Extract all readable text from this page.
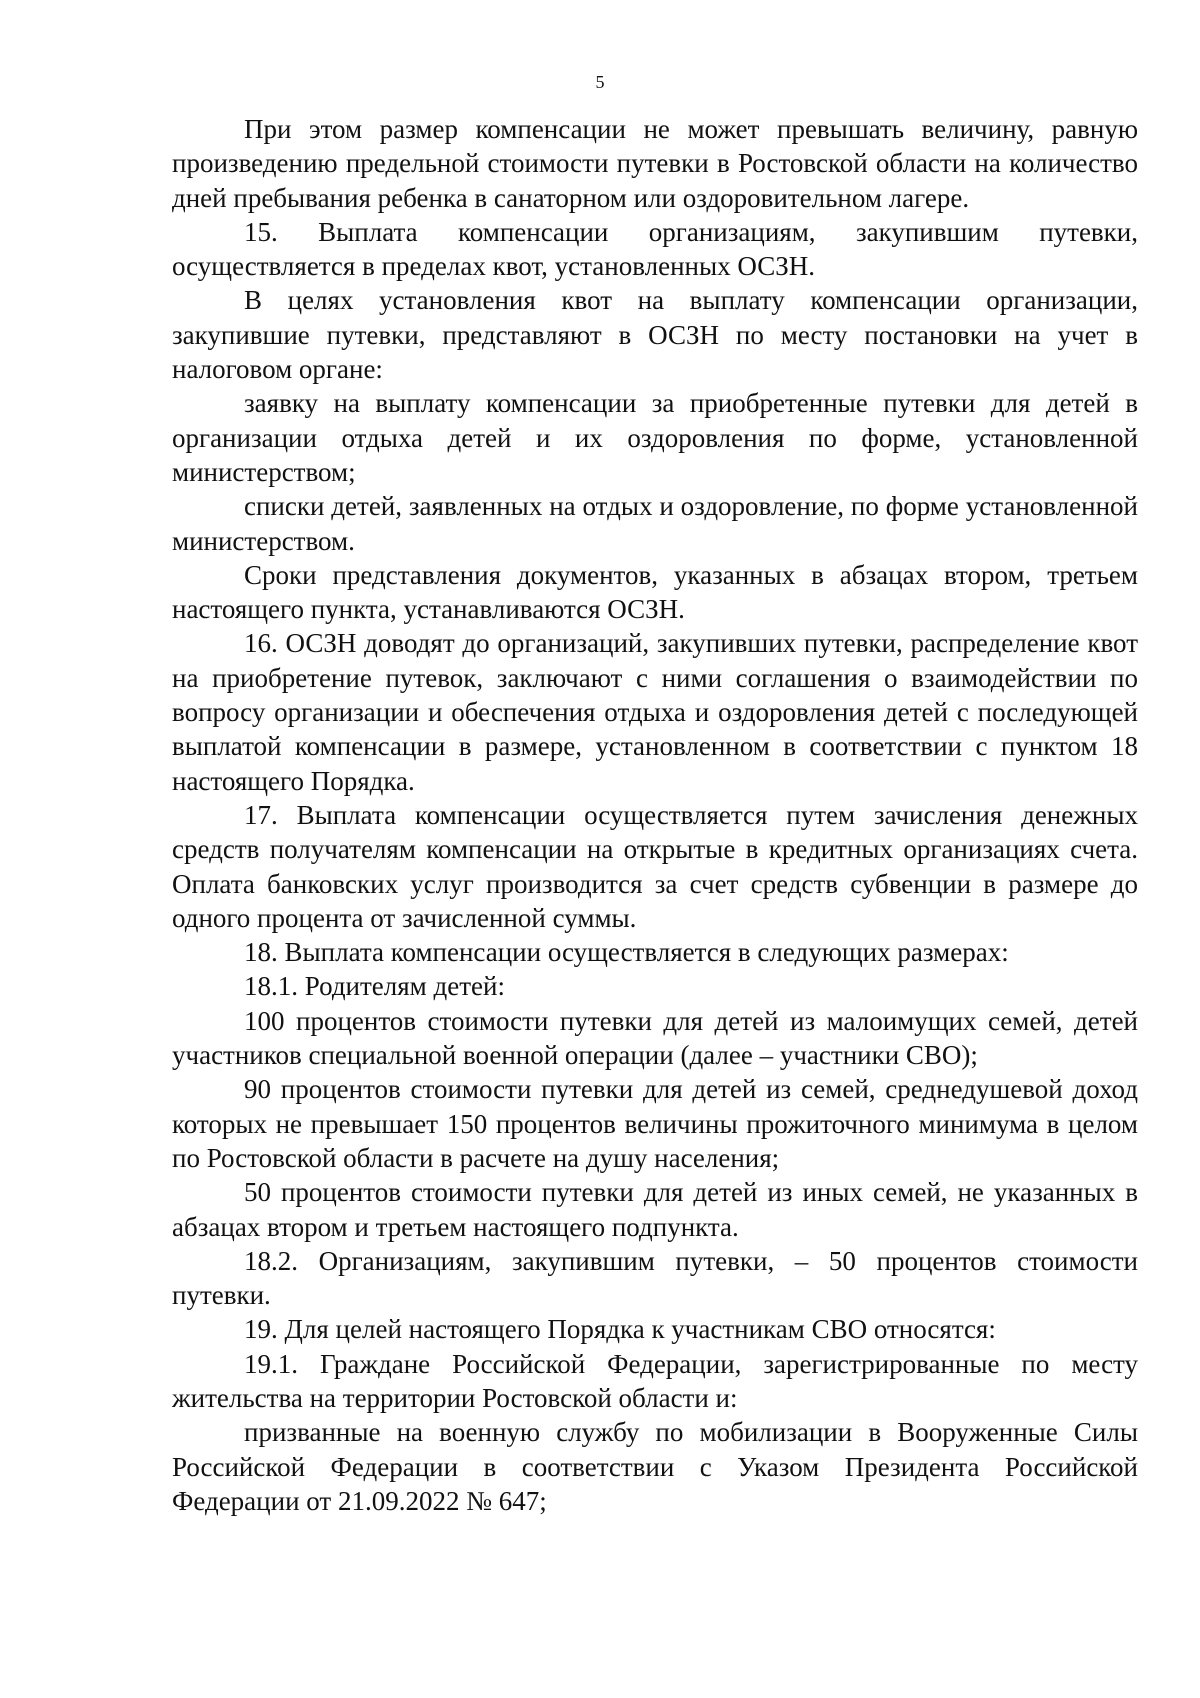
5

При этом размер компенсации не может превышать величину, равную произведению предельной стоимости путевки в Ростовской области на количество дней пребывания ребенка в санаторном или оздоровительном лагере.

15. Выплата компенсации организациям, закупившим путевки, осуществляется в пределах квот, установленных ОСЗН.

В целях установления квот на выплату компенсации организации, закупившие путевки, представляют в ОСЗН по месту постановки на учет в налоговом органе:

заявку на выплату компенсации за приобретенные путевки для детей в организации отдыха детей и их оздоровления по форме, установленной министерством;

списки детей, заявленных на отдых и оздоровление, по форме установленной министерством.

Сроки представления документов, указанных в абзацах втором, третьем настоящего пункта, устанавливаются ОСЗН.

16. ОСЗН доводят до организаций, закупивших путевки, распределение квот на приобретение путевок, заключают с ними соглашения о взаимодействии по вопросу организации и обеспечения отдыха и оздоровления детей с последующей выплатой компенсации в размере, установленном в соответствии с пунктом 18 настоящего Порядка.

17. Выплата компенсации осуществляется путем зачисления денежных средств получателям компенсации на открытые в кредитных организациях счета. Оплата банковских услуг производится за счет средств субвенции в размере до одного процента от зачисленной суммы.

18. Выплата компенсации осуществляется в следующих размерах:

18.1. Родителям детей:

100 процентов стоимости путевки для детей из малоимущих семей, детей участников специальной военной операции (далее – участники СВО);

90 процентов стоимости путевки для детей из семей, среднедушевой доход которых не превышает 150 процентов величины прожиточного минимума в целом по Ростовской области в расчете на душу населения;

50 процентов стоимости путевки для детей из иных семей, не указанных в абзацах втором и третьем настоящего подпункта.

18.2. Организациям, закупившим путевки, – 50 процентов стоимости путевки.

19. Для целей настоящего Порядка к участникам СВО относятся:

19.1. Граждане Российской Федерации, зарегистрированные по месту жительства на территории Ростовской области и:

призванные на военную службу по мобилизации в Вооруженные Силы Российской Федерации в соответствии с Указом Президента Российской Федерации от 21.09.2022 № 647;
